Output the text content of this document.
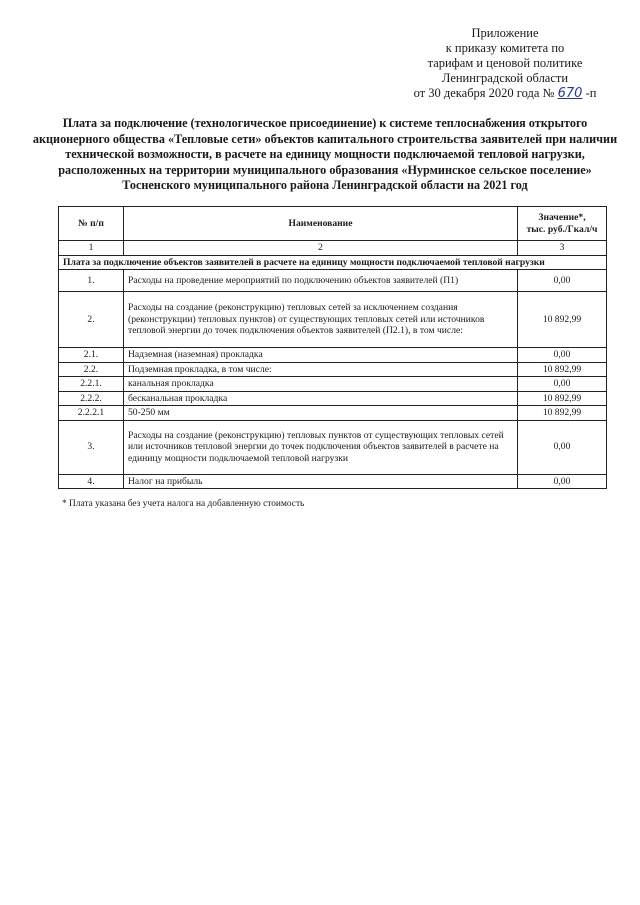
Приложение
к приказу комитета по
тарифам и ценовой политике
Ленинградской области
от 30 декабря 2020 года № 670 -п
Плата за подключение (технологическое присоединение) к системе теплоснабжения открытого акционерного общества «Тепловые сети» объектов капитального строительства заявителей при наличии технической возможности, в расчете на единицу мощности подключаемой тепловой нагрузки, расположенных на территории муниципального образования «Нурминское сельское поселение» Тосненского муниципального района Ленинградской области на 2021 год
№ п/п	Наименование	Значение*,
тыс. руб./Гкал/ч

1	2	3
Плата за подключение объектов заявителей в расчете на единицу мощности подключаемой тепловой нагрузки		
1.	Расходы на проведение мероприятий по подключению объектов заявителей (П1)	0,00
2.	Расходы на создание (реконструкцию) тепловых сетей за исключением создания (реконструкции) тепловых пунктов) от существующих тепловых сетей или источников тепловой энергии до точек подключения объектов заявителей (П2.1), в том числе:	10 892,99
2.1.	Надземная (наземная) прокладка	0,00
2.2.	Подземная прокладка, в том числе:	10 892,99
2.2.1.	канальная прокладка	0,00
2.2.2.	бесканальная прокладка	10 892,99
2.2.2.1	50-250 мм	10 892,99
3.	Расходы на создание (реконструкцию) тепловых пунктов от существующих тепловых сетей или источников тепловой энергии до точек подключения объектов заявителей в расчете на единицу мощности подключаемой тепловой нагрузки	0,00
4.	Налог на прибыль	0,00
* Плата указана без учета налога на добавленную стоимость
